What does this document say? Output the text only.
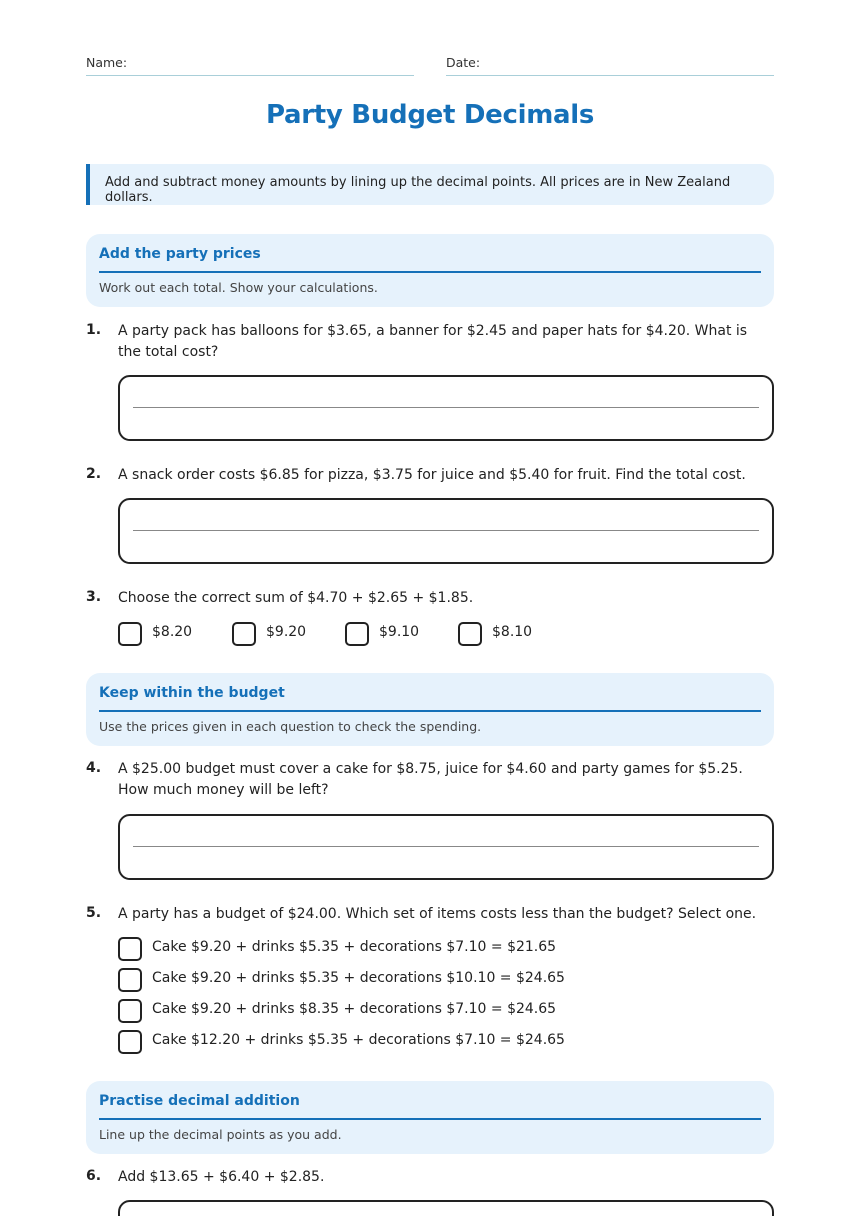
Name:	Date:
Party Budget Decimals
Add and subtract money amounts by lining up the decimal points. All prices are in New Zealand dollars.
Add the party prices
Work out each total. Show your calculations.
1. A party pack has balloons for $3.65, a banner for $2.45 and paper hats for $4.20. What is the total cost?
2. A snack order costs $6.85 for pizza, $3.75 for juice and $5.40 for fruit. Find the total cost.
3. Choose the correct sum of $4.70 + $2.65 + $1.85.
$8.20	$9.20	$9.10	$8.10
Keep within the budget
Use the prices given in each question to check the spending.
4. A $25.00 budget must cover a cake for $8.75, juice for $4.60 and party games for $5.25. How much money will be left?
5. A party has a budget of $24.00. Which set of items costs less than the budget? Select one.
Cake $9.20 + drinks $5.35 + decorations $7.10 = $21.65
Cake $9.20 + drinks $5.35 + decorations $10.10 = $24.65
Cake $9.20 + drinks $8.35 + decorations $7.10 = $24.65
Cake $12.20 + drinks $5.35 + decorations $7.10 = $24.65
Practise decimal addition
Line up the decimal points as you add.
6. Add $13.65 + $6.40 + $2.85.
